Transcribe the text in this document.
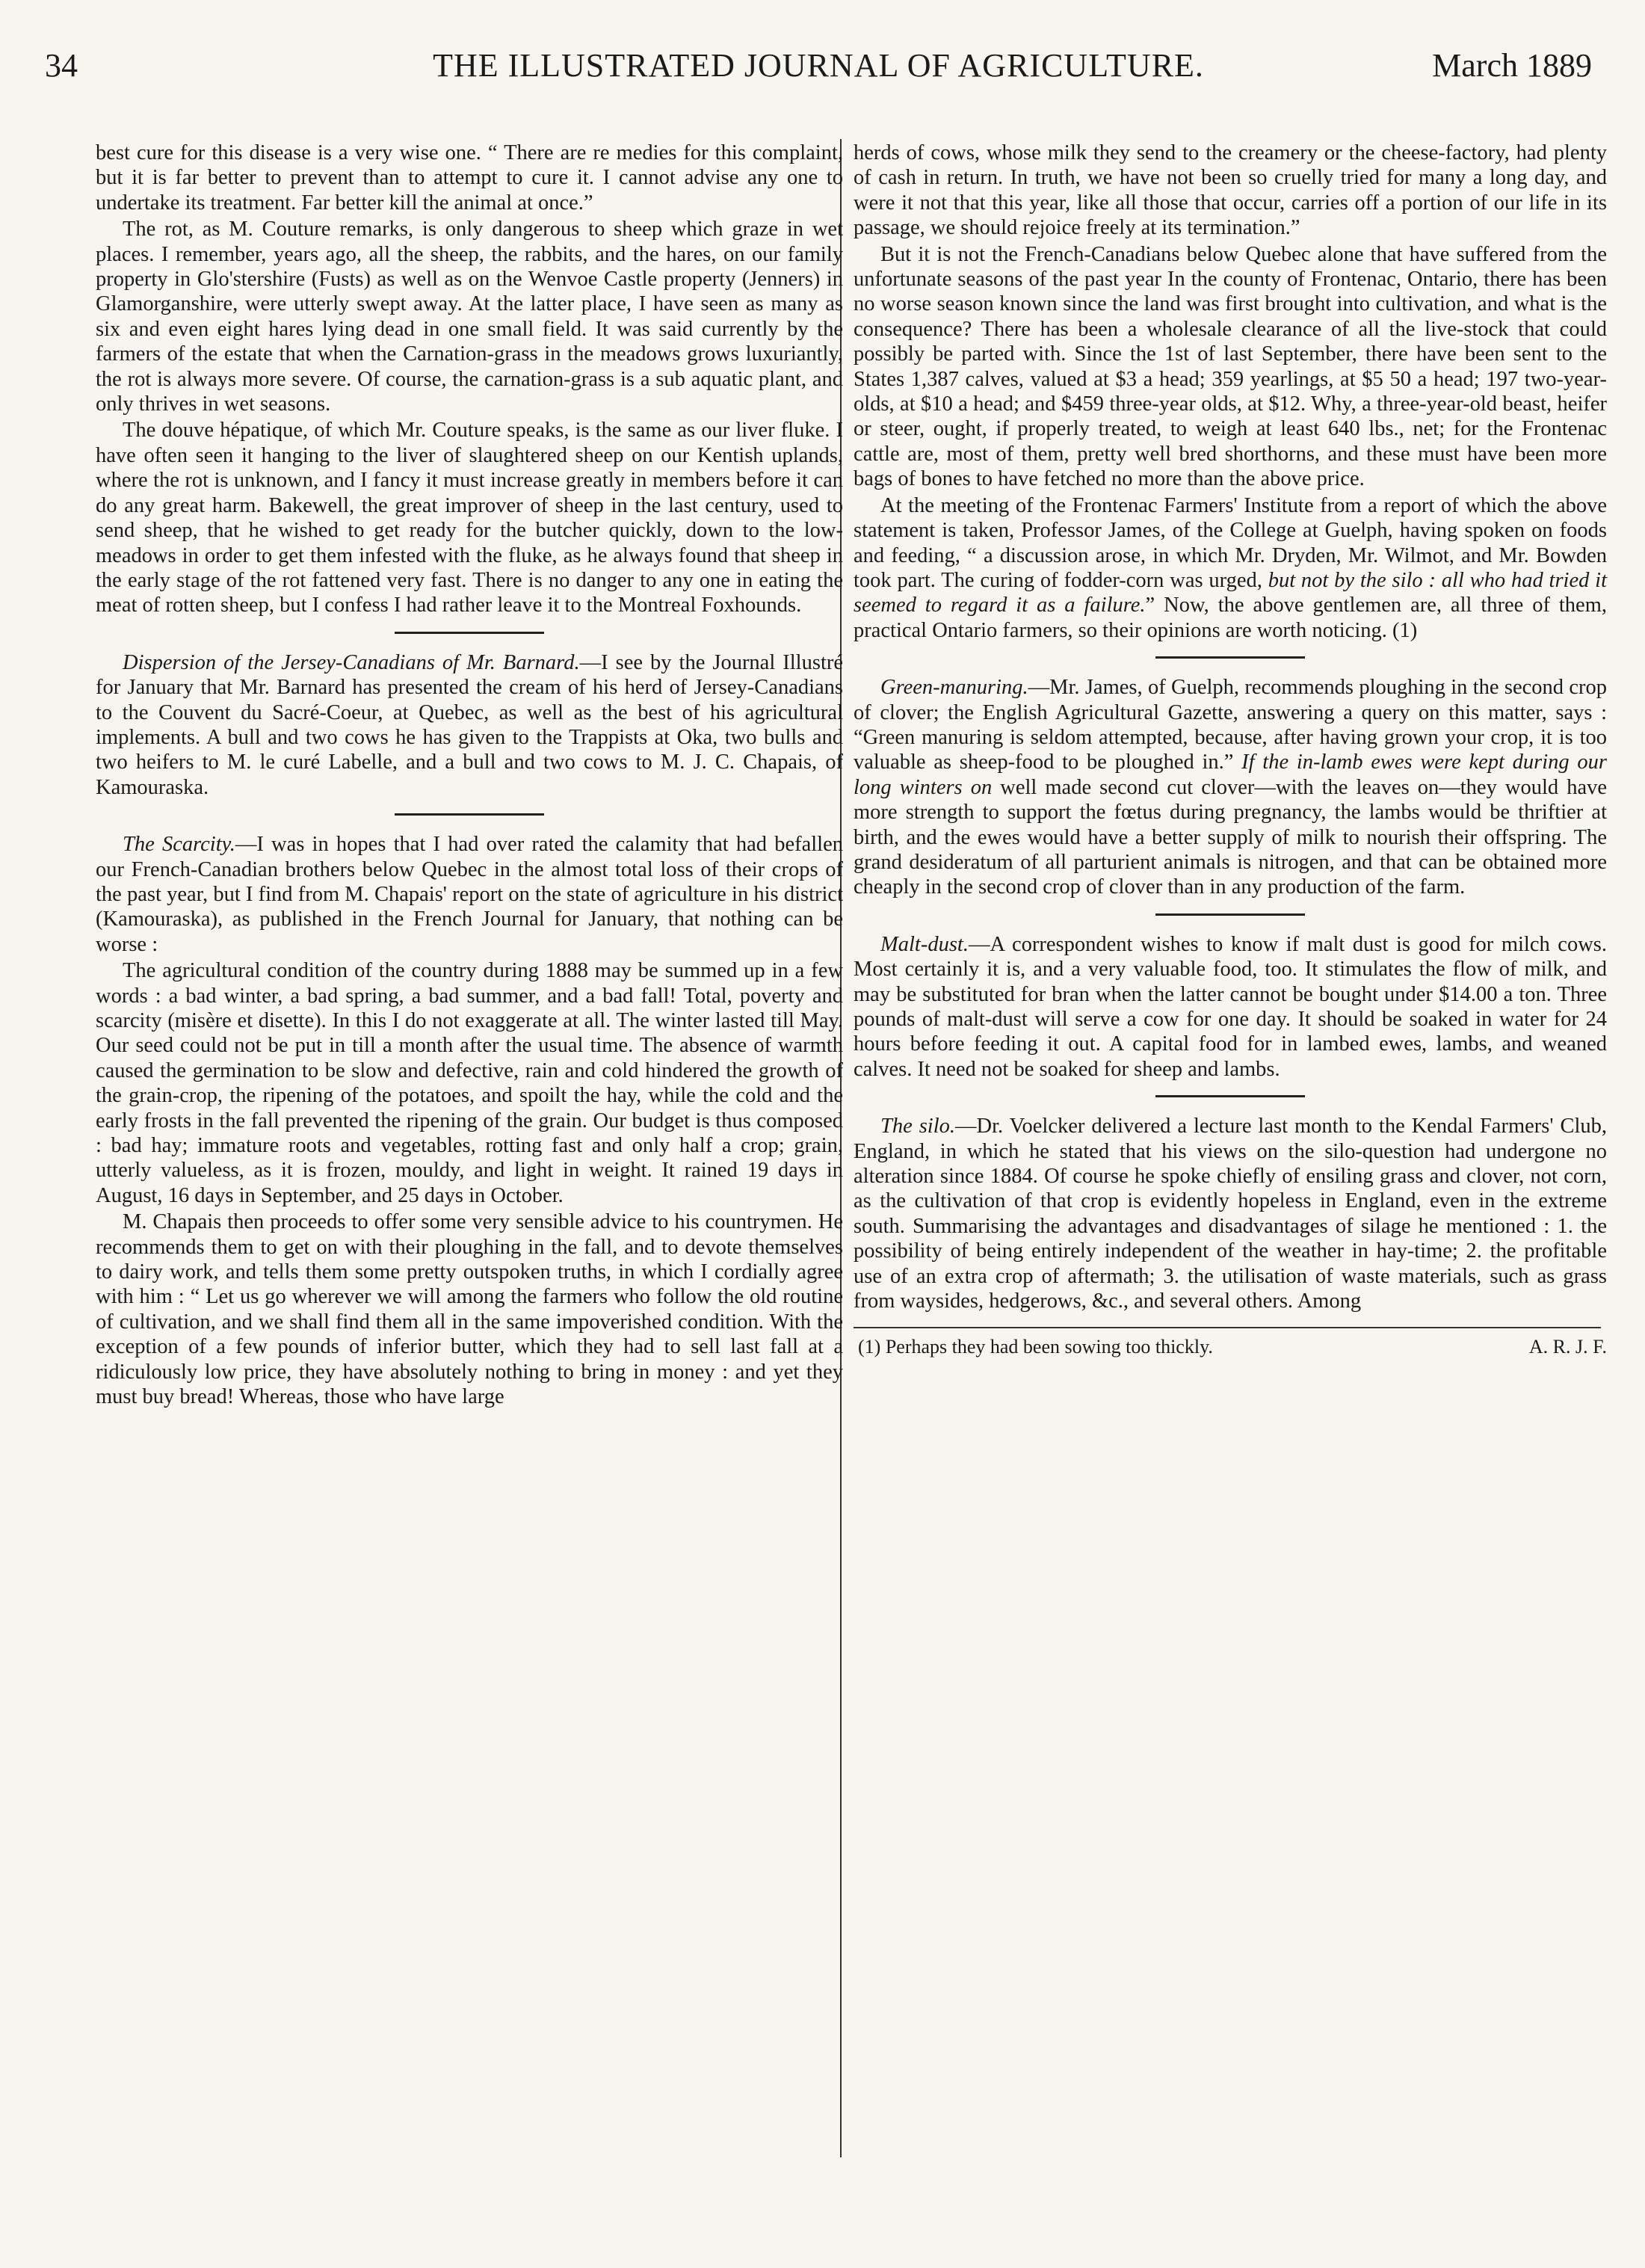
34	THE ILLUSTRATED JOURNAL OF AGRICULTURE.	March 1889

best cure for this disease is a very wise one. “ There are re medies for this complaint, but it is far better to prevent than to attempt to cure it. I cannot advise any one to undertake its treatment. Far better kill the animal at once.”

The rot, as M. Couture remarks, is only dangerous to sheep which graze in wet places. I remember, years ago, all the sheep, the rabbits, and the hares, on our family property in Glo'stershire (Fusts) as well as on the Wenvoe Castle property (Jenners) in Glamorganshire, were utterly swept away. At the latter place, I have seen as many as six and even eight hares lying dead in one small field. It was said currently by the farmers of the estate that when the Carnation-grass in the meadows grows luxuriantly, the rot is always more severe. Of course, the carnation-grass is a sub aquatic plant, and only thrives in wet seasons.

The douve hépatique, of which Mr. Couture speaks, is the same as our liver fluke. I have often seen it hanging to the liver of slaughtered sheep on our Kentish uplands, where the rot is unknown, and I fancy it must increase greatly in members before it can do any great harm. Bakewell, the great improver of sheep in the last century, used to send sheep, that he wished to get ready for the butcher quickly, down to the low-meadows in order to get them infested with the fluke, as he always found that sheep in the early stage of the rot fattened very fast. There is no danger to any one in eating the meat of rotten sheep, but I confess I had rather leave it to the Montreal Foxhounds.

Dispersion of the Jersey-Canadians of Mr. Barnard.—I see by the Journal Illustré for January that Mr. Barnard has presented the cream of his herd of Jersey-Canadians to the Couvent du Sacré-Coeur, at Quebec, as well as the best of his agricultural implements. A bull and two cows he has given to the Trappists at Oka, two bulls and two heifers to M. le curé Labelle, and a bull and two cows to M. J. C. Chapais, of Kamouraska.

The Scarcity.—I was in hopes that I had over rated the calamity that had befallen our French-Canadian brothers below Quebec in the almost total loss of their crops of the past year, but I find from M. Chapais' report on the state of agriculture in his district (Kamouraska), as published in the French Journal for January, that nothing can be worse :

The agricultural condition of the country during 1888 may be summed up in a few words : a bad winter, a bad spring, a bad summer, and a bad fall! Total, poverty and scarcity (misère et disette). In this I do not exaggerate at all. The winter lasted till May. Our seed could not be put in till a month after the usual time. The absence of warmth caused the germination to be slow and defective, rain and cold hindered the growth of the grain-crop, the ripening of the potatoes, and spoilt the hay, while the cold and the early frosts in the fall prevented the ripening of the grain. Our budget is thus composed : bad hay; immature roots and vegetables, rotting fast and only half a crop; grain, utterly valueless, as it is frozen, mouldy, and light in weight. It rained 19 days in August, 16 days in September, and 25 days in October.

M. Chapais then proceeds to offer some very sensible advice to his countrymen. He recommends them to get on with their ploughing in the fall, and to devote themselves to dairy work, and tells them some pretty outspoken truths, in which I cordially agree with him : “ Let us go wherever we will among the farmers who follow the old routine of cultivation, and we shall find them all in the same impoverished condition. With the exception of a few pounds of inferior butter, which they had to sell last fall at a ridiculously low price, they have absolutely nothing to bring in money : and yet they must buy bread! Whereas, those who have large

herds of cows, whose milk they send to the creamery or the cheese-factory, had plenty of cash in return. In truth, we have not been so cruelly tried for many a long day, and were it not that this year, like all those that occur, carries off a portion of our life in its passage, we should rejoice freely at its termination.”

But it is not the French-Canadians below Quebec alone that have suffered from the unfortunate seasons of the past year In the county of Frontenac, Ontario, there has been no worse season known since the land was first brought into cultivation, and what is the consequence? There has been a wholesale clearance of all the live-stock that could possibly be parted with. Since the 1st of last September, there have been sent to the States 1,387 calves, valued at $3 a head; 359 yearlings, at $5 50 a head; 197 two-year-olds, at $10 a head; and $459 three-year olds, at $12. Why, a three-year-old beast, heifer or steer, ought, if properly treated, to weigh at least 640 lbs., net; for the Frontenac cattle are, most of them, pretty well bred shorthorns, and these must have been more bags of bones to have fetched no more than the above price.

At the meeting of the Frontenac Farmers' Institute from a report of which the above statement is taken, Professor James, of the College at Guelph, having spoken on foods and feeding, “ a discussion arose, in which Mr. Dryden, Mr. Wilmot, and Mr. Bowden took part. The curing of fodder-corn was urged, but not by the silo : all who had tried it seemed to regard it as a failure.” Now, the above gentlemen are, all three of them, practical Ontario farmers, so their opinions are worth noticing. (1)

Green-manuring.—Mr. James, of Guelph, recommends ploughing in the second crop of clover; the English Agricultural Gazette, answering a query on this matter, says : “Green manuring is seldom attempted, because, after having grown your crop, it is too valuable as sheep-food to be ploughed in.” If the in-lamb ewes were kept during our long winters on well made second cut clover—with the leaves on—they would have more strength to support the fœtus during pregnancy, the lambs would be thriftier at birth, and the ewes would have a better supply of milk to nourish their offspring. The grand desideratum of all parturient animals is nitrogen, and that can be obtained more cheaply in the second crop of clover than in any production of the farm.

Malt-dust.—A correspondent wishes to know if malt dust is good for milch cows. Most certainly it is, and a very valuable food, too. It stimulates the flow of milk, and may be substituted for bran when the latter cannot be bought under $14.00 a ton. Three pounds of malt-dust will serve a cow for one day. It should be soaked in water for 24 hours before feeding it out. A capital food for in lambed ewes, lambs, and weaned calves. It need not be soaked for sheep and lambs.

The silo.—Dr. Voelcker delivered a lecture last month to the Kendal Farmers' Club, England, in which he stated that his views on the silo-question had undergone no alteration since 1884. Of course he spoke chiefly of ensiling grass and clover, not corn, as the cultivation of that crop is evidently hopeless in England, even in the extreme south. Summarising the advantages and disadvantages of silage he mentioned : 1. the possibility of being entirely independent of the weather in hay-time; 2. the profitable use of an extra crop of aftermath; 3. the utilisation of waste materials, such as grass from waysides, hedgerows, &c., and several others. Among

(1) Perhaps they had been sowing too thickly.	A. R. J. F.
